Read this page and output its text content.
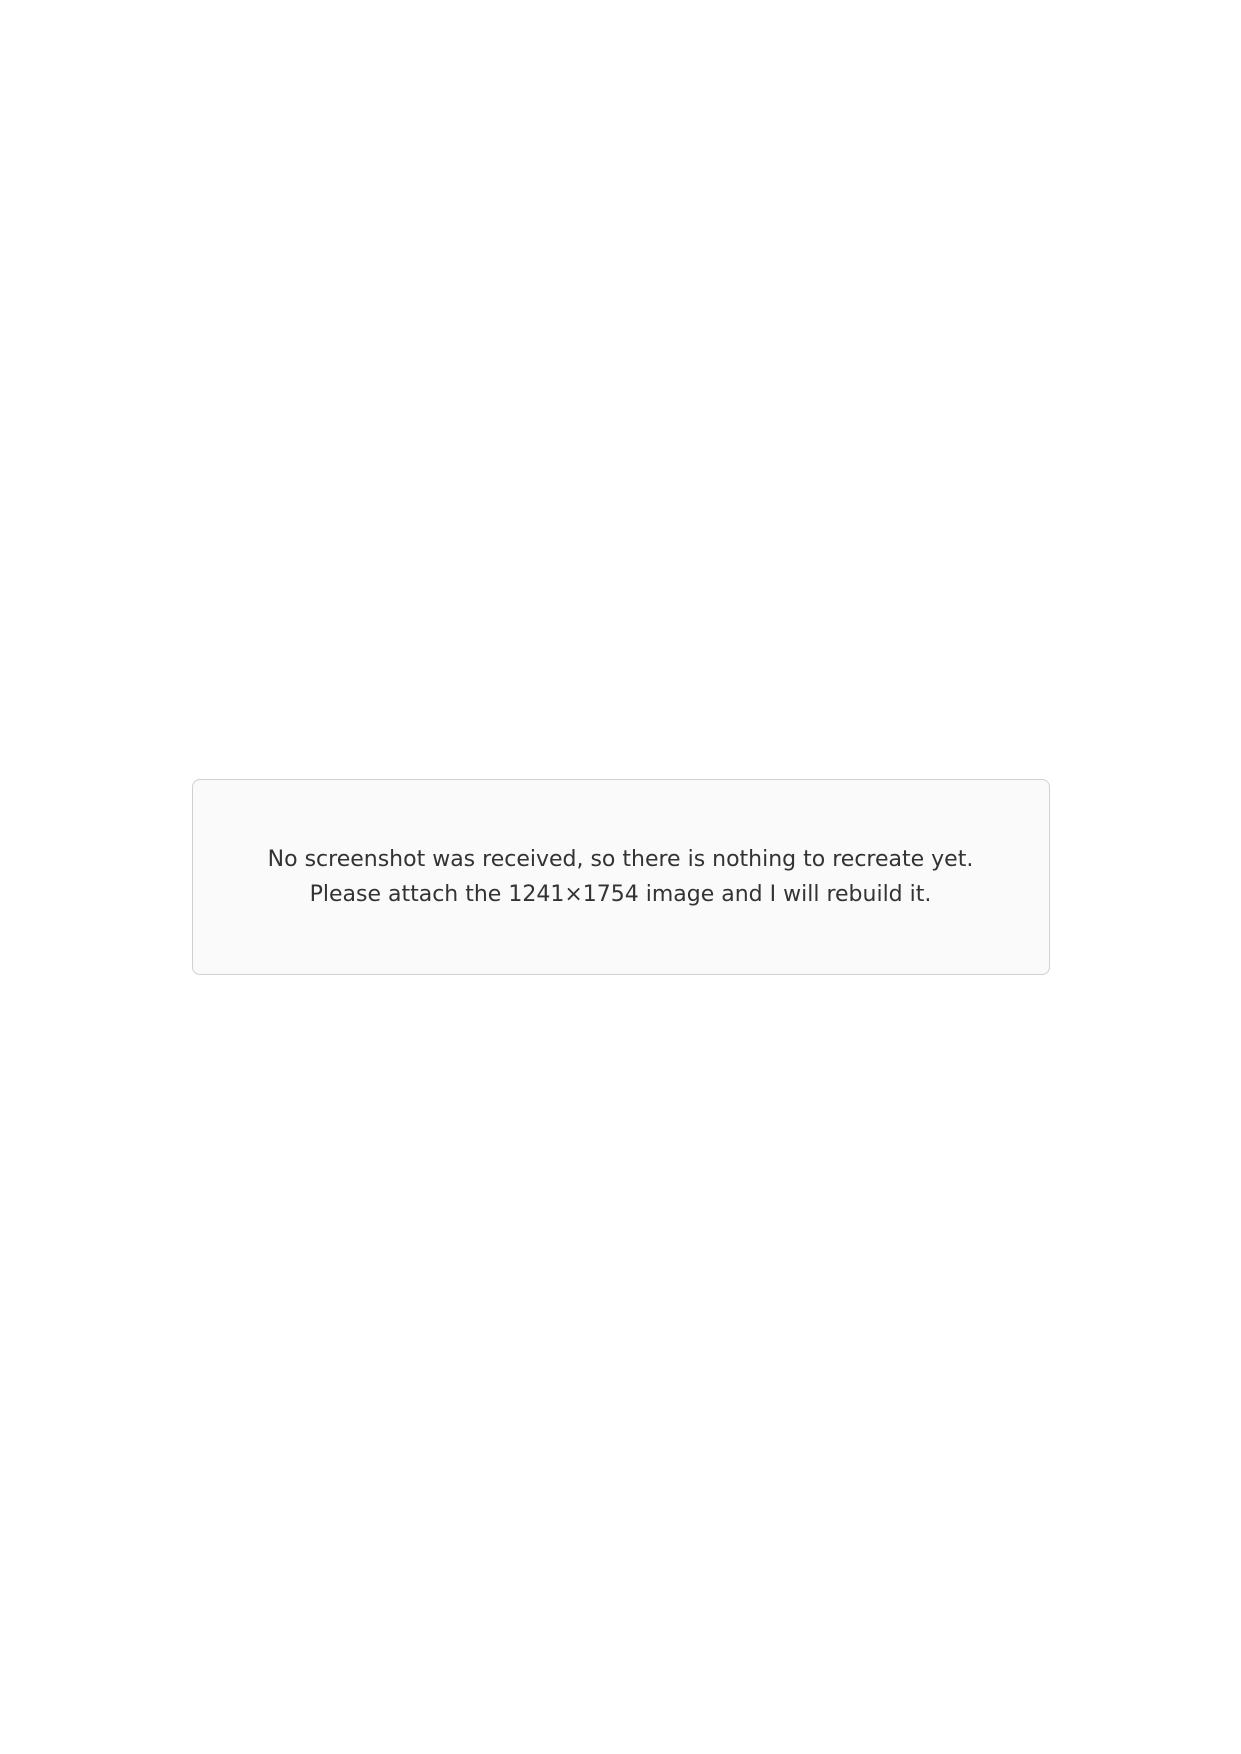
No screenshot was received, so there is nothing to recreate yet. Please attach the 1241×1754 image and I will rebuild it.
